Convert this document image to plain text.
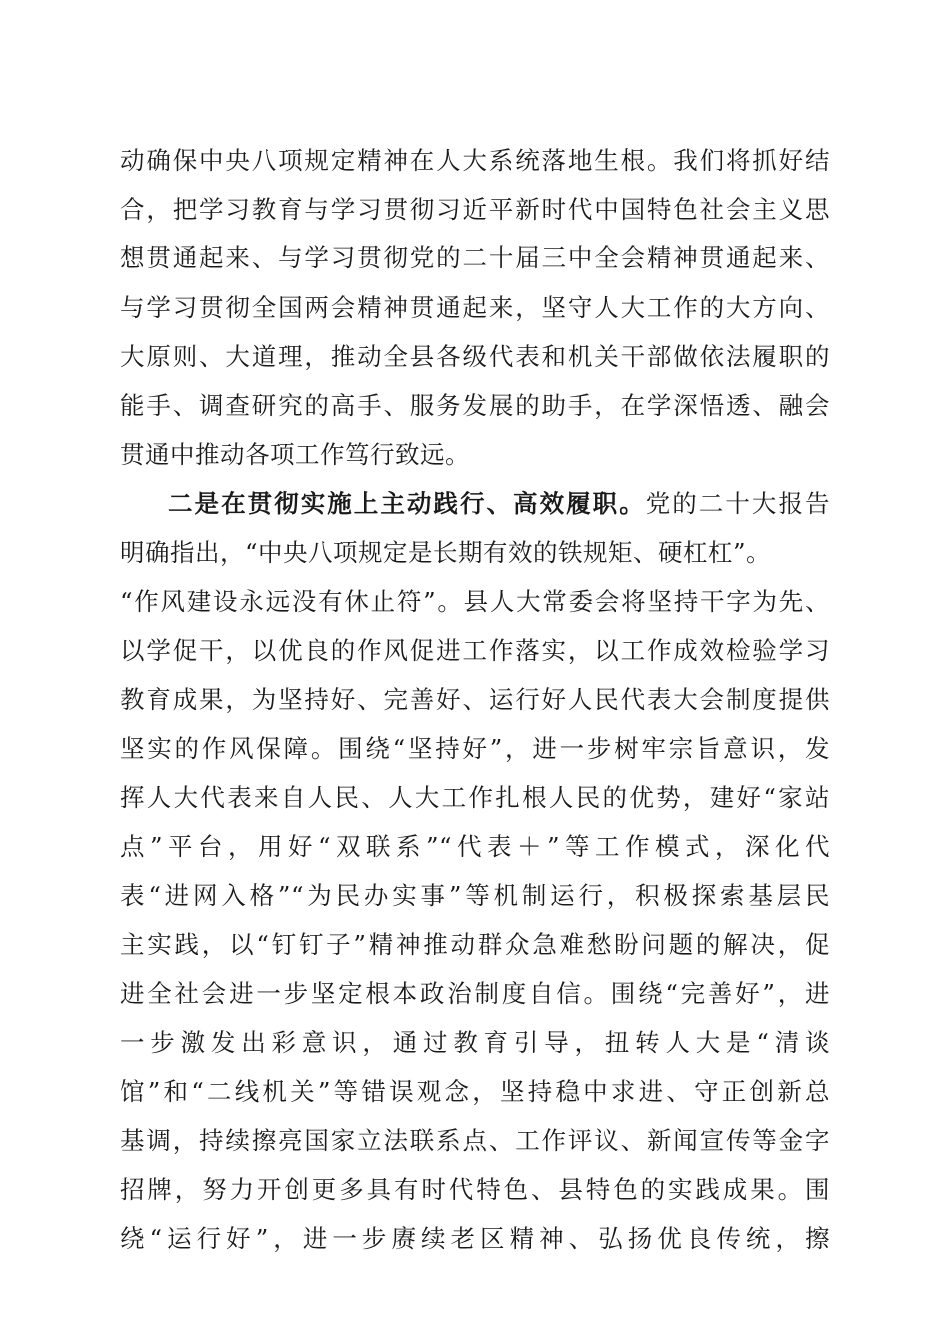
动确保中央八项规定精神在人大系统落地生根。我们将抓好结
合，把学习教育与学习贯彻习近平新时代中国特色社会主义思
想贯通起来、与学习贯彻党的二十届三中全会精神贯通起来、
与学习贯彻全国两会精神贯通起来，坚守人大工作的大方向、
大原则、大道理，推动全县各级代表和机关干部做依法履职的
能手、调查研究的高手、服务发展的助手，在学深悟透、融会
贯通中推动各项工作笃行致远。
二是在贯彻实施上主动践行、高效履职。党的二十大报告
明确指出，“中央八项规定是长期有效的铁规矩、硬杠杠”。
“作风建设永远没有休止符”。县人大常委会将坚持干字为先、
以学促干，以优良的作风促进工作落实，以工作成效检验学习
教育成果，为坚持好、完善好、运行好人民代表大会制度提供
坚实的作风保障。围绕“坚持好”，进一步树牢宗旨意识，发
挥人大代表来自人民、人大工作扎根人民的优势，建好“家站
点”平台，用好“双联系”“代表＋”等工作模式，深化代
表“进网入格”“为民办实事”等机制运行，积极探索基层民
主实践，以“钉钉子”精神推动群众急难愁盼问题的解决，促
进全社会进一步坚定根本政治制度自信。围绕“完善好”，进
一步激发出彩意识，通过教育引导，扭转人大是“清谈
馆”和“二线机关”等错误观念，坚持稳中求进、守正创新总
基调，持续擦亮国家立法联系点、工作评议、新闻宣传等金字
招牌，努力开创更多具有时代特色、县特色的实践成果。围
绕“运行好”，进一步赓续老区精神、弘扬优良传统，擦
